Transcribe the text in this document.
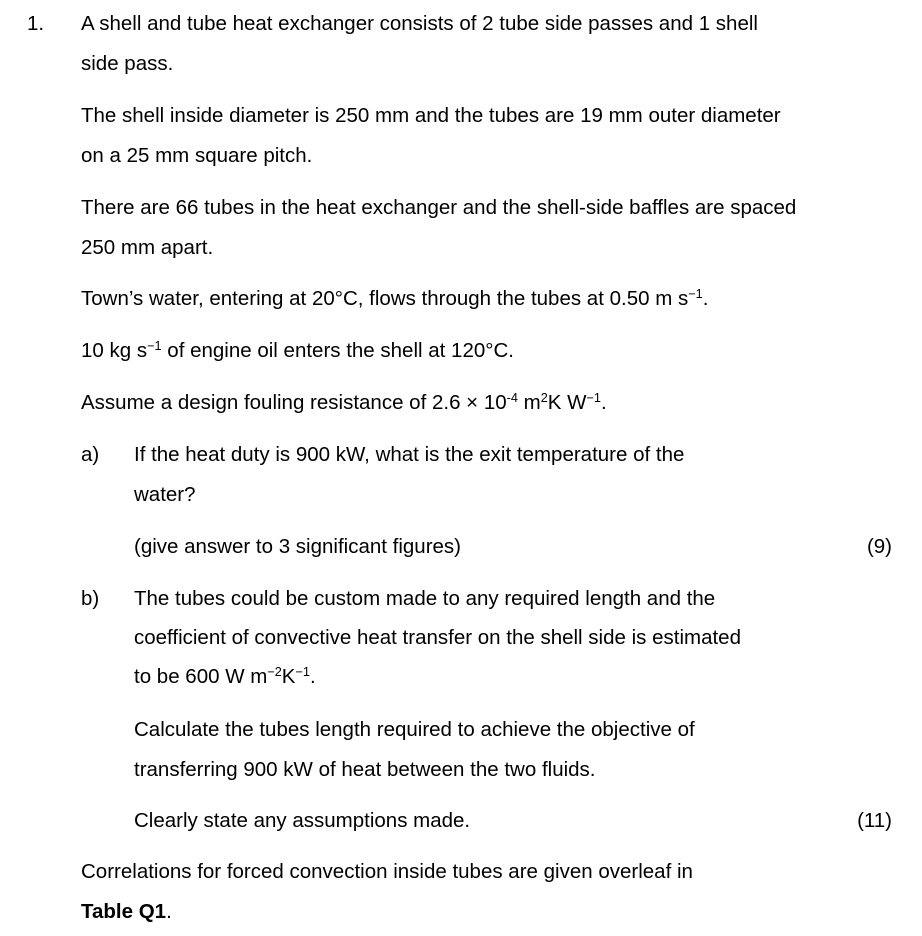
1. A shell and tube heat exchanger consists of 2 tube side passes and 1 shell
side pass.
The shell inside diameter is 250 mm and the tubes are 19 mm outer diameter
on a 25 mm square pitch.
There are 66 tubes in the heat exchanger and the shell-side baffles are spaced
250 mm apart.
Town’s water, entering at 20°C, flows through the tubes at 0.50 m $s^{-1}$.
10 kg $s^{-1}$ of engine oil enters the shell at 120°C.
Assume a design fouling resistance of $2.6 \times 10^{-4}$ $m^2K$ $W^{-1}$.
a) If the heat duty is 900 kW, what is the exit temperature of the
water?
(give answer to 3 significant figures)	(9)
b) The tubes could be custom made to any required length and the
coefficient of convective heat transfer on the shell side is estimated
to be 600 W $m^{-2}K^{-1}$.
Calculate the tubes length required to achieve the objective of
transferring 900 kW of heat between the two fluids.
Clearly state any assumptions made.	(11)
Correlations for forced convection inside tubes are given overleaf in
Table Q1.
